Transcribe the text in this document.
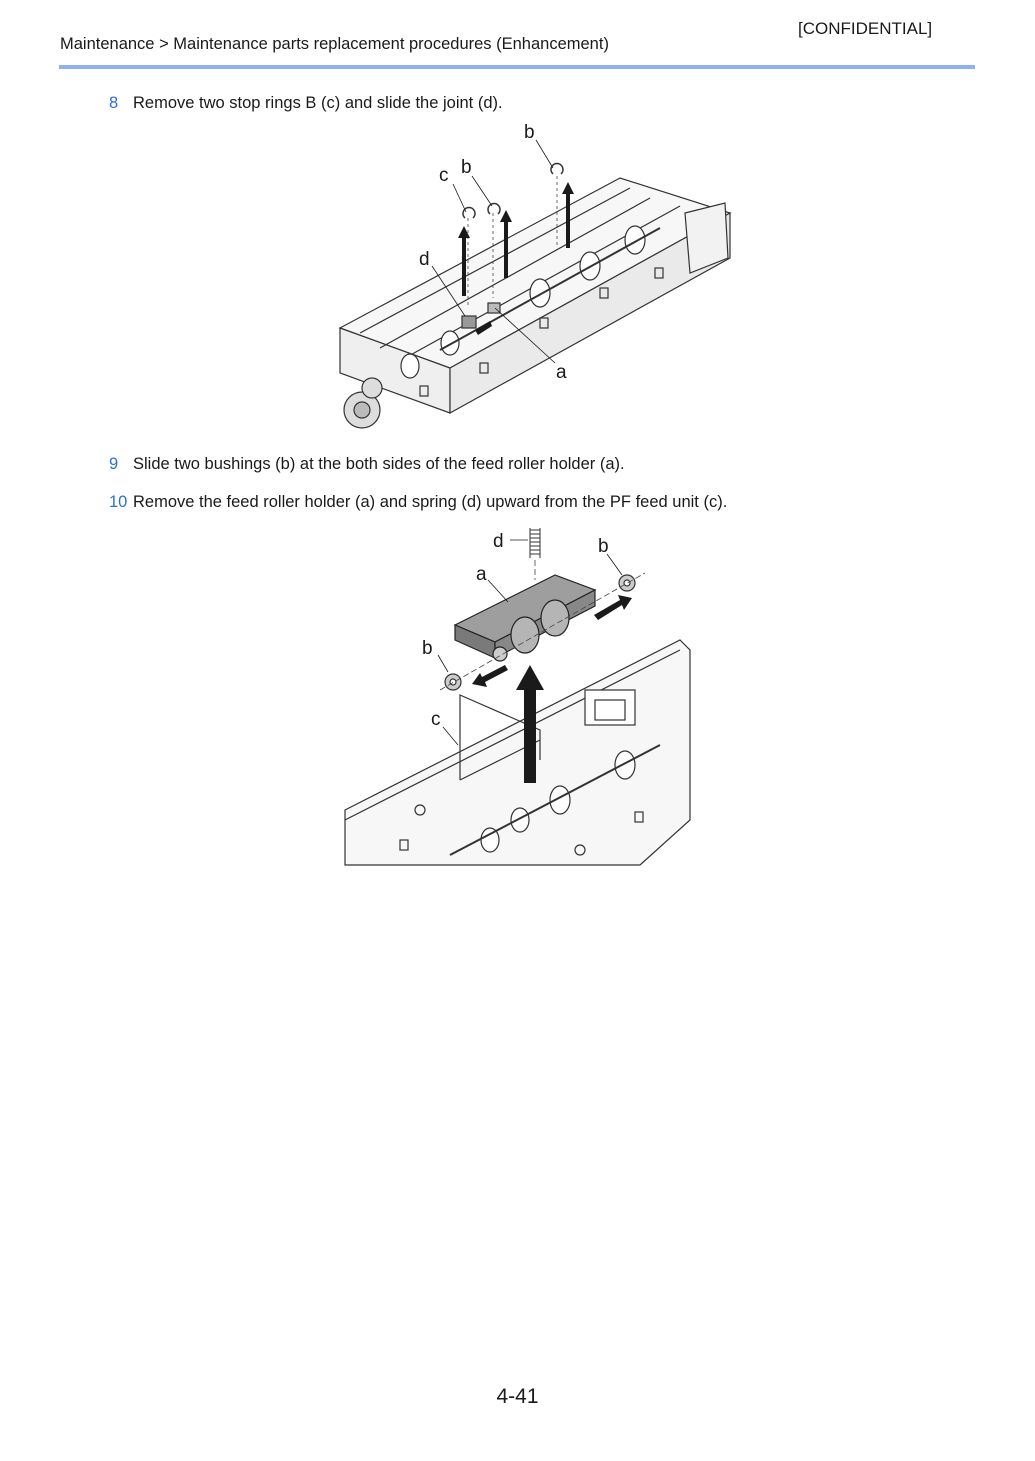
[CONFIDENTIAL]
Maintenance > Maintenance parts replacement procedures (Enhancement)
8 Remove two stop rings B (c) and slide the joint (d).
b
b
c
d
a
9 Slide two bushings (b) at the both sides of the feed roller holder (a).
10 Remove the feed roller holder (a) and spring (d) upward from the PF feed unit (c).
d	b
a
b
c
4-41
